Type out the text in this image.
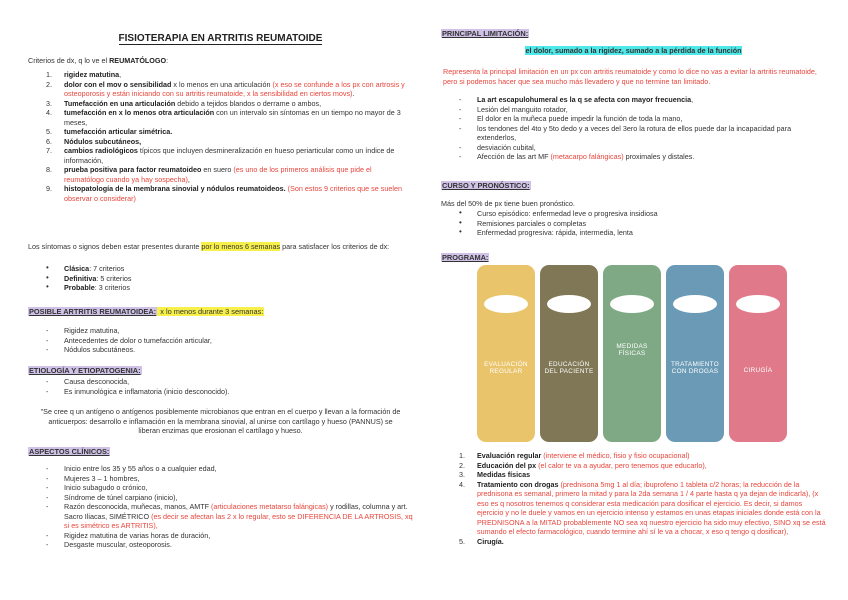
FISIOTERAPIA EN ARTRITIS REUMATOIDE
Criterios de dx, q lo ve el REUMATÓLOGO:
1. rigidez matutina,
2. dolor con el mov o sensibilidad x lo menos en una articulación (x eso se confunde a los px con artrosis y osteoporosis y están iniciando con su artritis reumatoide, x la sensibilidad en ciertos movs).
3. Tumefacción en una articulación debido a tejidos blandos o derrame o ambos,
4. tumefacción en x lo menos otra articulación con un intervalo sin síntomas en un tiempo no mayor de 3 meses,
5. tumefacción articular simétrica.
6. Nódulos subcutáneos,
7. cambios radiológicos típicos que incluyen desmineralización en hueso periarticular como un índice de información,
8. prueba positiva para factor reumatoideo en suero (es uno de los primeros análisis que pide el reumatólogo cuando ya hay sospecha),
9. histopatología de la membrana sinovial y nódulos reumatoideos. (Son estos 9 criterios que se suelen observar o considerar)
Los síntomas o signos deben estar presentes durante por lo menos 6 semanas para satisfacer los criterios de dx:
• Clásica: 7 criterios
• Definitiva: 5 criterios
• Probable: 3 criterios
POSIBLE ARTRITIS REUMATOIDEA: x lo menos durante 3 semanas:
- Rigidez matutina,
- Antecedentes de dolor o tumefacción articular,
- Nódulos subcutáneos.
ETIOLOGÍA Y ETIOPATOGENIA:
- Causa desconocida,
- Es inmunológica e inflamatoria (inicio desconocido).
"Se cree q un antígeno o antígenos posiblemente microbianos que entran en el cuerpo y llevan a la formación de anticuerpos: desarrollo e inflamación en la membrana sinovial, al unirse con cartílago y hueso (PANNUS) se liberan enzimas que erosionan el cartílago y hueso.
ASPECTOS CLÍNICOS:
- Inicio entre los 35 y 55 años o a cualquier edad,
- Mujeres 3 – 1 hombres,
- Inicio subagudo o crónico,
- Síndrome de túnel carpiano (inicio),
- Razón desconocida, muñecas, manos, AMTF (articulaciones metatarso falángicas) y rodillas, columna y art. Sacro Iliacas, SIMÉTRICO (es decir se afectan las 2 x lo regular, esto se DIFERENCIA DE LA ARTROSIS, xq si es simétrico es ARTRITIS),
- Rigidez matutina de varias horas de duración,
- Desgaste muscular, osteoporosis.
PRINCIPAL LIMITACIÓN:
el dolor, sumado a la rigidez, sumado a la pérdida de la función
Representa la principal limitación en un px con artritis reumatoide y como lo dice no vas a evitar la artritis reumatoide, pero si podemos hacer que sea mucho más llevadero y que no termine tan limitado.
- La art escapulohumeral es la q se afecta con mayor frecuencia,
- Lesión del manguito rotador,
- El dolor en la muñeca puede impedir la función de toda la mano,
- los tendones del 4to y 5to dedo y a veces del 3ero la rotura de ellos puede dar la incapacidad para extenderlos,
- desviación cubital,
- Afección de las art MF (metacarpo falángicas) proximales y distales.
CURSO Y PRONÓSTICO:
Más del 50% de px tiene buen pronóstico.
• Curso episódico: enfermedad leve o progresiva insidiosa
• Remisiones parciales o completas
• Enfermedad progresiva: rápida, intermedia, lenta
PROGRAMA:
EVALUACIÓN REGULAR
EDUCACIÓN DEL PACIENTE
MEDIDAS FÍSICAS
TRATAMIENTO CON DROGAS	CIRUGÍA
1. Evaluación regular (interviene el médico, fisio y fisio ocupacional)
2. Educación del px (el calor te va a ayudar, pero tenemos que educarlo),
3. Medidas físicas
4. Tratamiento con drogas (prednisona 5mg 1 al día; ibuprofeno 1 tableta c/2 horas; la reducción de la prednisona es semanal, primero la mitad y para la 2da semana 1 / 4 parte hasta q ya dejan de indicarla), (x eso es q nosotros tenemos q considerar esta medicación para dosificar el ejercicio. Es decir, si damos ejercicio y no le duele y vamos en un ejercicio intenso y estamos en unas etapas iniciales donde está con la PREDNISONA a la MITAD probablemente NO sea xq nuestro ejercicio ha sido muy efectivo, SINO xq se está sumando el efecto farmacológico, cuando termine ahí sí le va a chocar, x eso q tengo q dosificar),
5. Cirugía.
